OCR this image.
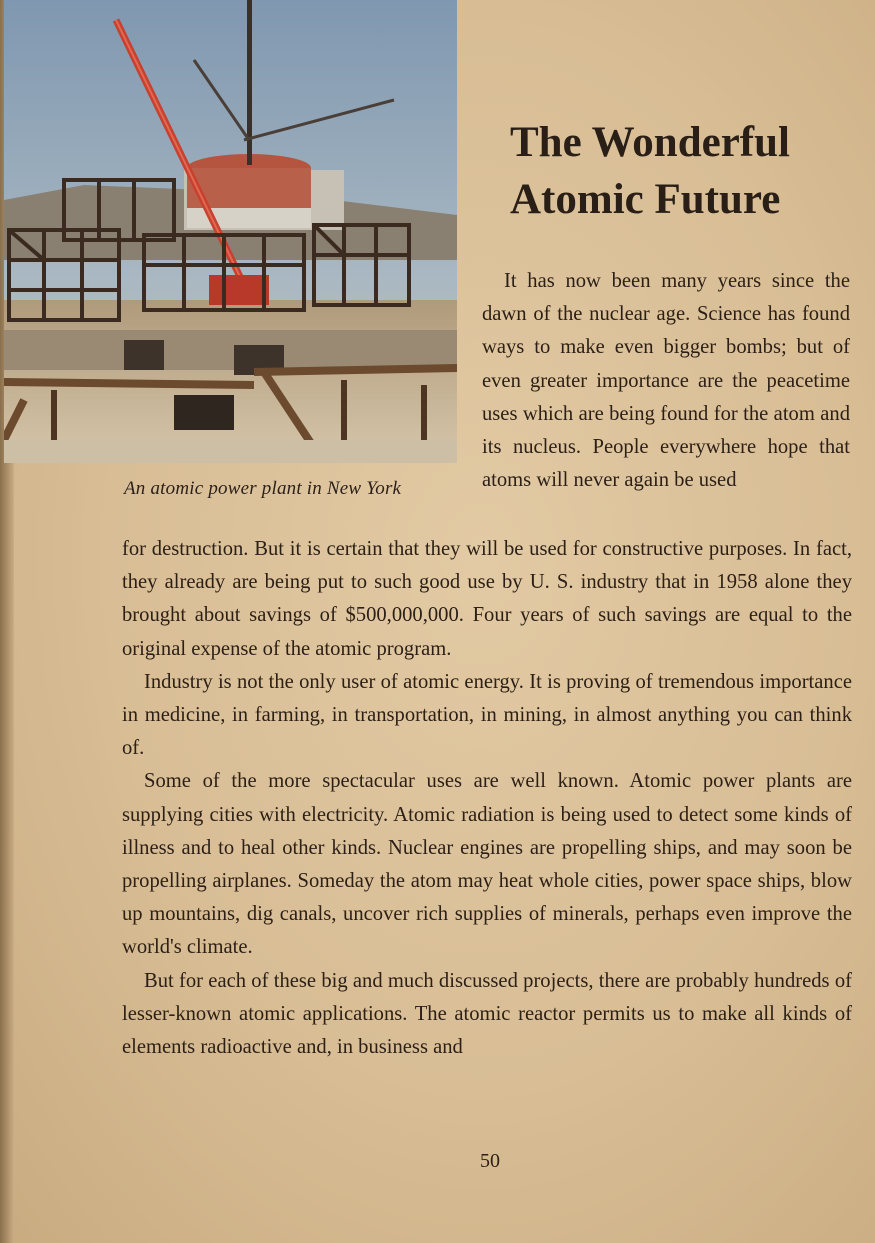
An atomic power plant in New York
The Wonderful
Atomic Future

It has now been many years since the dawn of the nuclear age. Science has found ways to make even bigger bombs; but of even greater importance are the peacetime uses which are being found for the atom and its nucleus. People everywhere hope that atoms will never again be used

for destruction. But it is certain that they will be used for constructive purposes. In fact, they already are being put to such good use by U. S. industry that in 1958 alone they brought about savings of $500,000,000. Four years of such savings are equal to the original expense of the atomic program.

Industry is not the only user of atomic energy. It is proving of tremendous importance in medicine, in farming, in transportation, in mining, in almost anything you can think of.

Some of the more spectacular uses are well known. Atomic power plants are supplying cities with electricity. Atomic radiation is being used to detect some kinds of illness and to heal other kinds. Nuclear engines are propelling ships, and may soon be propelling airplanes. Someday the atom may heat whole cities, power space ships, blow up mountains, dig canals, uncover rich supplies of minerals, perhaps even improve the world's climate.

But for each of these big and much discussed projects, there are probably hundreds of lesser-known atomic applications. The atomic reactor permits us to make all kinds of elements radioactive and, in business and

50
